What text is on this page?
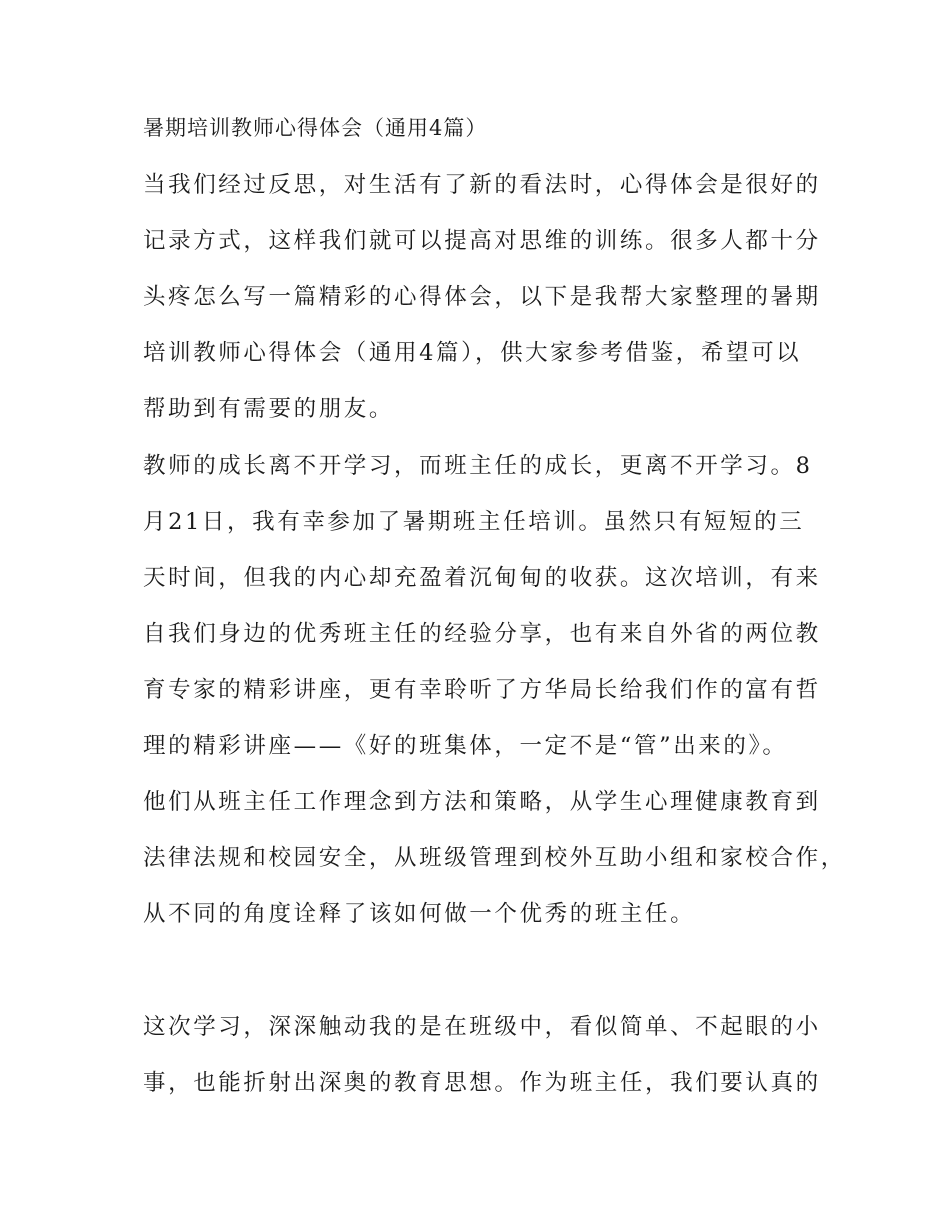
暑期培训教师心得体会（通用4篇）
当我们经过反思，对生活有了新的看法时，心得体会是很好的
记录方式，这样我们就可以提高对思维的训练。很多人都十分
头疼怎么写一篇精彩的心得体会，以下是我帮大家整理的暑期
培训教师心得体会（通用4篇），供大家参考借鉴，希望可以
帮助到有需要的朋友。
教师的成长离不开学习，而班主任的成长，更离不开学习。8
月21日，我有幸参加了暑期班主任培训。虽然只有短短的三
天时间，但我的内心却充盈着沉甸甸的收获。这次培训，有来
自我们身边的优秀班主任的经验分享，也有来自外省的两位教
育专家的精彩讲座，更有幸聆听了方华局长给我们作的富有哲
理的精彩讲座——《好的班集体，一定不是“管”出来的》。
他们从班主任工作理念到方法和策略，从学生心理健康教育到
法律法规和校园安全，从班级管理到校外互助小组和家校合作，
从不同的角度诠释了该如何做一个优秀的班主任。
这次学习，深深触动我的是在班级中，看似简单、不起眼的小
事，也能折射出深奥的教育思想。作为班主任，我们要认真的
